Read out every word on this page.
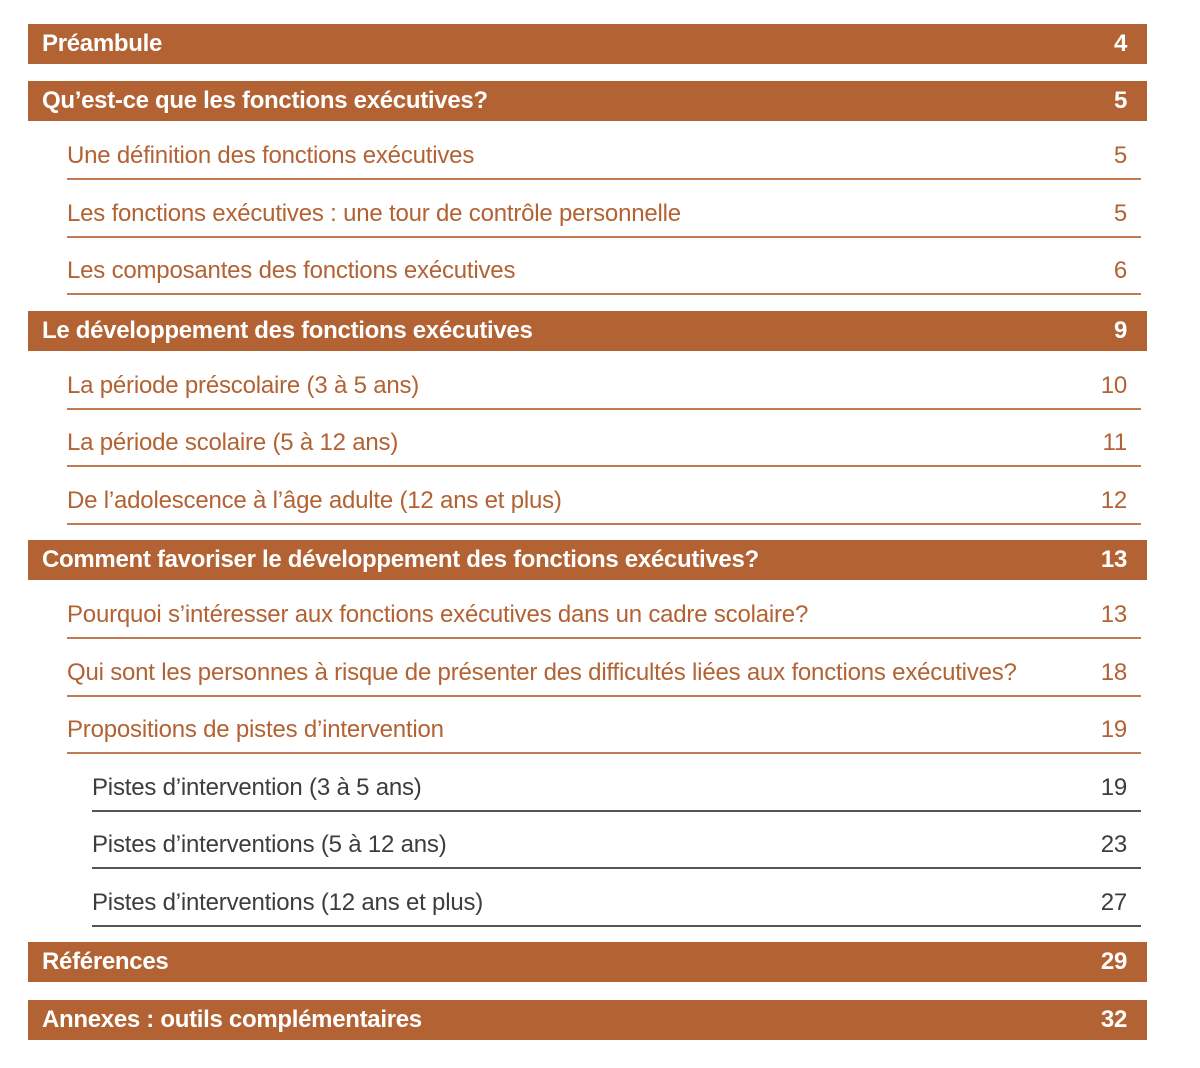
Préambule	4
Qu’est-ce que les fonctions exécutives?	5
Une définition des fonctions exécutives	5
Les fonctions exécutives : une tour de contrôle personnelle	5
Les composantes des fonctions exécutives	6
Le développement des fonctions exécutives	9
La période préscolaire (3 à 5 ans)	10
La période scolaire (5 à 12 ans)	11
De l’adolescence à l’âge adulte (12 ans et plus)	12
Comment favoriser le développement des fonctions exécutives?	13
Pourquoi s’intéresser aux fonctions exécutives dans un cadre scolaire?	13
Qui sont les personnes à risque de présenter des difficultés liées aux fonctions exécutives?	18
Propositions de pistes d’intervention	19
Pistes d’intervention (3 à 5 ans)	19
Pistes d’interventions (5 à 12 ans)	23
Pistes d’interventions (12 ans et plus)	27
Références	29
Annexes : outils complémentaires	32
